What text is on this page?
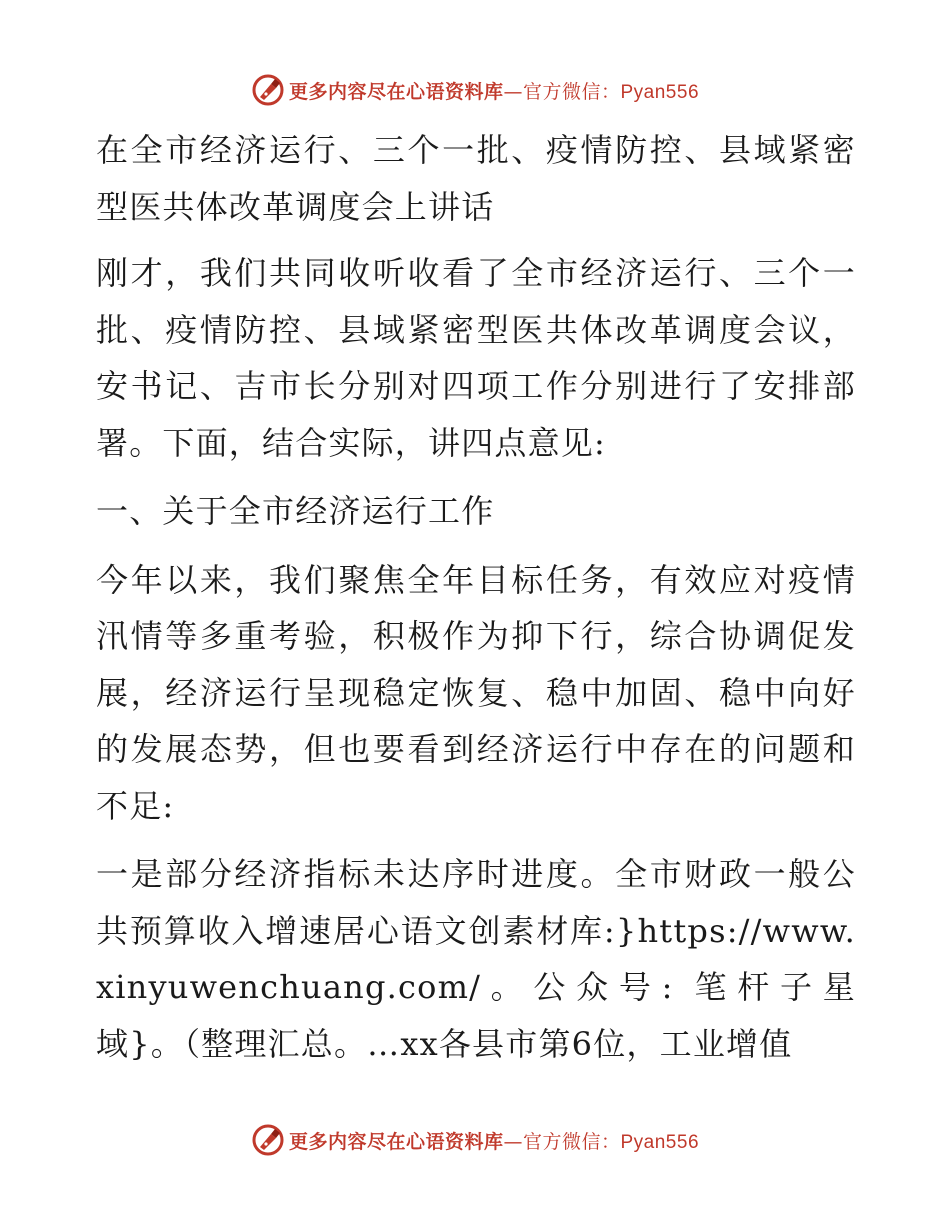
更多内容尽在心语资料库—官方微信：Pyan556

在全市经济运行、三个一批、疫情防控、县域紧密型医共体改革调度会上讲话

刚才，我们共同收听收看了全市经济运行、三个一批、疫情防控、县域紧密型医共体改革调度会议，安书记、吉市长分别对四项工作分别进行了安排部署。下面，结合实际，讲四点意见:

一、关于全市经济运行工作

今年以来，我们聚焦全年目标任务，有效应对疫情汛情等多重考验，积极作为抑下行，综合协调促发展，经济运行呈现稳定恢复、稳中加固、稳中向好的发展态势，但也要看到经济运行中存在的问题和不足:

一是部分经济指标未达序时进度。全市财政一般公共预算收入增速居心语文创素材库:}https://www.xinyuwenchuang.com/。公众号: 笔杆子星域}。（整理汇总。…xx各县市第6位，工业增值

更多内容尽在心语资料库—官方微信：Pyan556
